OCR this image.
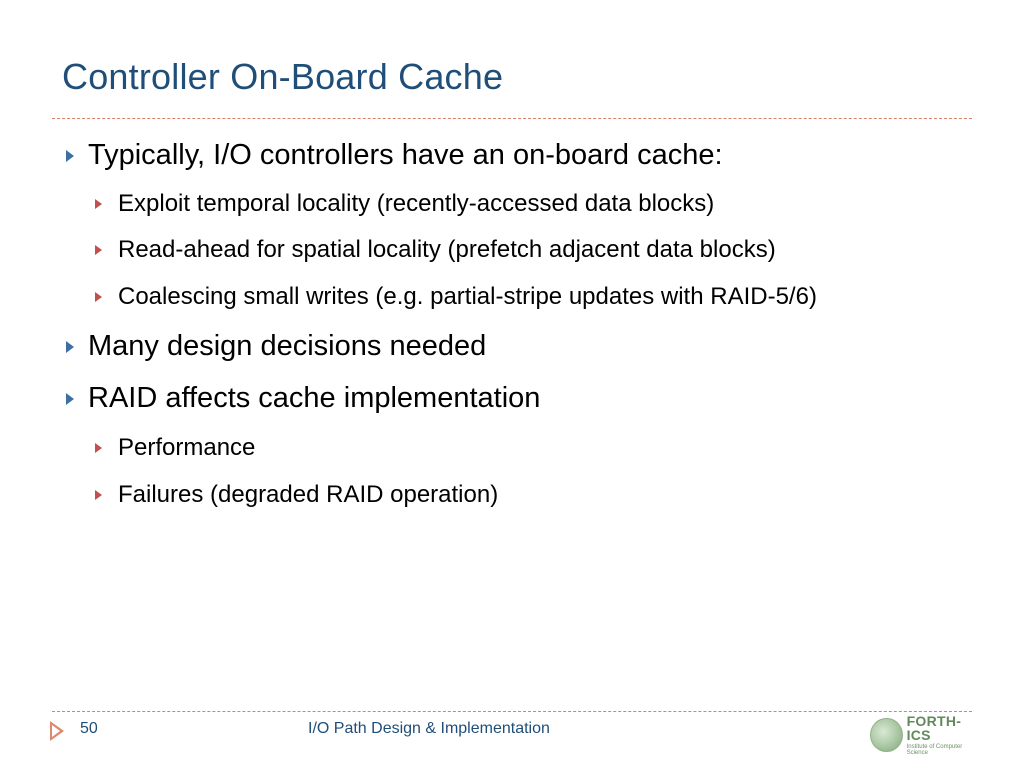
Controller On-Board Cache
Typically, I/O controllers have an on-board cache:
Exploit temporal locality (recently-accessed data blocks)
Read-ahead for spatial locality (prefetch adjacent data blocks)
Coalescing small writes (e.g. partial-stripe updates with RAID-5/6)
Many design decisions needed
RAID affects cache implementation
Performance
Failures (degraded RAID operation)
50	I/O Path Design & Implementation	FORTH-ICS
Institute of Computer Science
